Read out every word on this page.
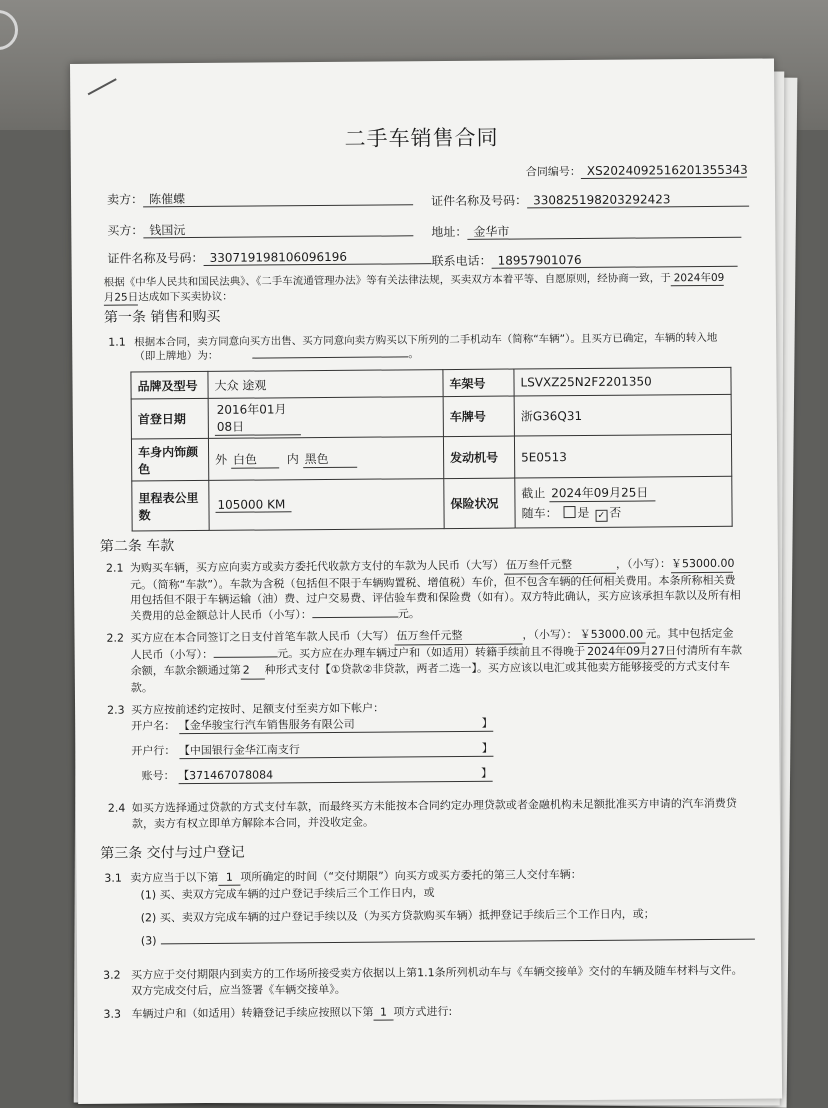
二手车销售合同
合同编号： XS2024092516201355343
卖方： 陈催蝶	证件名称及号码： 330825198203292423
买方： 钱国沅	地址： 金华市
证件名称及号码： 330719198106096196	联系电话： 18957901076
根据《中华人民共和国民法典》、《二手车流通管理办法》等有关法律法规，买卖双方本着平等、自愿原则，经协商一致，于 2024年09
月25日达成如下买卖协议：
第一条 销售和购买
1.1 根据本合同，卖方同意向买方出售、买方同意向卖方购买以下所列的二手机动车（简称“车辆”）。且买方已确定，车辆的转入地
（即上牌地）为：	。
品牌及型号	大众 途观	车架号	LSVXZ25N2F2201350
首登日期	2016年01月08日	车牌号	浙G36Q31
车身内饰颜色	外 白色 内 黑色	发动机号	5E0513
里程表公里数	105000 KM	保险状况	截止 2024年09月25日
随车： 是 ✓ 否
第二条 车款
2.1 为购买车辆，买方应向卖方或卖方委托代收款方支付的车款为人民币（大写） 伍万叁仟元整	，（小写）：￥53000.00元。（简称“车款”）。车款为含税（包括但不限于车辆购置税、增值税）车价，但不包含车辆的任何相关费用。本条所称相关费用包括但不限于车辆运输（油）费、过户交易费、评估验车费和保险费（如有）。双方特此确认，买方应该承担车款以及所有相关费用的总金额总计人民币（小写）：	元。
2.2 买方应在本合同签订之日支付首笔车款人民币（大写） 伍万叁仟元整	，（小写）： ￥53000.00 元。其中包括定金人民币（小写）：	元。买方应在办理车辆过户和（如适用）转籍手续前且不得晚于 2024年09月27日付清所有车款余额，车款余额通过第 2 种形式支付【①贷款②非贷款，两者二选一】。买方应该以电汇或其他卖方能够接受的方式支付车款。
2.3 买方应按前述约定按时、足额支付至卖方如下帐户：
开户名： 【金华骏宝行汽车销售服务有限公司	】
开户行： 【中国银行金华江南支行	】
账号： 【371467078084	】
2.4 如买方选择通过贷款的方式支付车款，而最终买方未能按本合同约定办理贷款或者金融机构未足额批准买方申请的汽车消费贷款，卖方有权立即单方解除本合同，并没收定金。
第三条 交付与过户登记
3.1 卖方应当于以下第 1 项所确定的时间（“交付期限”）向买方或买方委托的第三人交付车辆：
(1) 买、卖双方完成车辆的过户登记手续后三个工作日内，或
(2) 买、卖双方完成车辆的过户登记手续以及（为买方贷款购买车辆）抵押登记手续后三个工作日内，或；
(3)
3.2 买方应于交付期限内到卖方的工作场所接受卖方依据以上第1.1条所列机动车与《车辆交接单》交付的车辆及随车材料与文件。双方完成交付后，应当签署《车辆交接单》。
3.3 车辆过户和（如适用）转籍登记手续应按照以下第 1 项方式进行:
